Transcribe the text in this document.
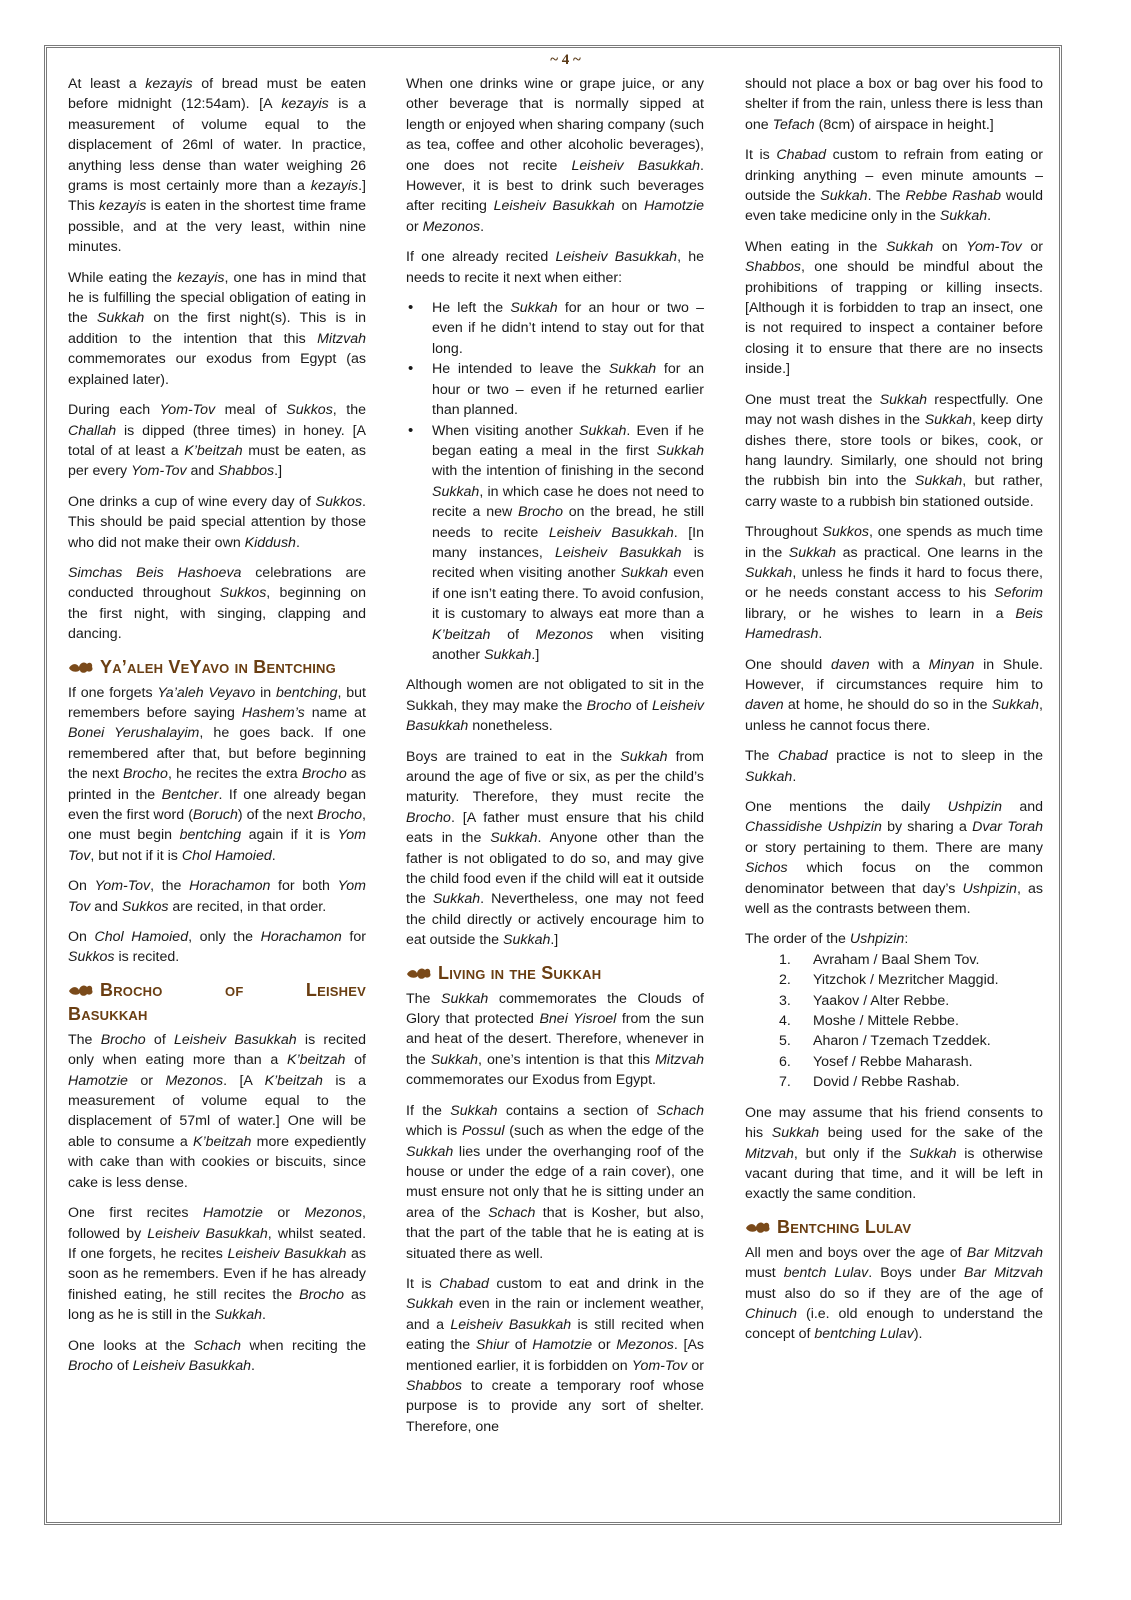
~ 4 ~

At least a kezayis of bread must be eaten before midnight (12:54am). [A kezayis is a measurement of volume equal to the displacement of 26ml of water. In practice, anything less dense than water weighing 26 grams is most certainly more than a kezayis.] This kezayis is eaten in the shortest time frame possible, and at the very least, within nine minutes.

While eating the kezayis, one has in mind that he is fulfilling the special obligation of eating in the Sukkah on the first night(s). This is in addition to the intention that this Mitzvah commemorates our exodus from Egypt (as explained later).

During each Yom-Tov meal of Sukkos, the Challah is dipped (three times) in honey. [A total of at least a K’beitzah must be eaten, as per every Yom-Tov and Shabbos.]

One drinks a cup of wine every day of Sukkos. This should be paid special attention by those who did not make their own Kiddush.

Simchas Beis Hashoeva celebrations are conducted throughout Sukkos, beginning on the first night, with singing, clapping and dancing.

Ya’aleh VeYavo in Bentching

If one forgets Ya’aleh Veyavo in bentching, but remembers before saying Hashem’s name at Bonei Yerushalayim, he goes back. If one remembered after that, but before beginning the next Brocho, he recites the extra Brocho as printed in the Bentcher. If one already began even the first word (Boruch) of the next Brocho, one must begin bentching again if it is Yom Tov, but not if it is Chol Hamoied.

On Yom-Tov, the Horachamon for both Yom Tov and Sukkos are recited, in that order.

On Chol Hamoied, only the Horachamon for Sukkos is recited.

Brocho of Leishev
Basukkah

The Brocho of Leisheiv Basukkah is recited only when eating more than a K’beitzah of Hamotzie or Mezonos. [A K’beitzah is a measurement of volume equal to the displacement of 57ml of water.] One will be able to consume a K’beitzah more expediently with cake than with cookies or biscuits, since cake is less dense.

One first recites Hamotzie or Mezonos, followed by Leisheiv Basukkah, whilst seated. If one forgets, he recites Leisheiv Basukkah as soon as he remembers. Even if he has already finished eating, he still recites the Brocho as long as he is still in the Sukkah.

One looks at the Schach when reciting the Brocho of Leisheiv Basukkah.

When one drinks wine or grape juice, or any other beverage that is normally sipped at length or enjoyed when sharing company (such as tea, coffee and other alcoholic beverages), one does not recite Leisheiv Basukkah. However, it is best to drink such beverages after reciting Leisheiv Basukkah on Hamotzie or Mezonos.

If one already recited Leisheiv Basukkah, he needs to recite it next when either:

• He left the Sukkah for an hour or two – even if he didn’t intend to stay out for that long.
• He intended to leave the Sukkah for an hour or two – even if he returned earlier than planned.
• When visiting another Sukkah. Even if he began eating a meal in the first Sukkah with the intention of finishing in the second Sukkah, in which case he does not need to recite a new Brocho on the bread, he still needs to recite Leisheiv Basukkah. [In many instances, Leisheiv Basukkah is recited when visiting another Sukkah even if one isn’t eating there. To avoid confusion, it is customary to always eat more than a K’beitzah of Mezonos when visiting another Sukkah.]

Although women are not obligated to sit in the Sukkah, they may make the Brocho of Leisheiv Basukkah nonetheless.

Boys are trained to eat in the Sukkah from around the age of five or six, as per the child’s maturity. Therefore, they must recite the Brocho. [A father must ensure that his child eats in the Sukkah. Anyone other than the father is not obligated to do so, and may give the child food even if the child will eat it outside the Sukkah. Nevertheless, one may not feed the child directly or actively encourage him to eat outside the Sukkah.]

Living in the Sukkah

The Sukkah commemorates the Clouds of Glory that protected Bnei Yisroel from the sun and heat of the desert. Therefore, whenever in the Sukkah, one’s intention is that this Mitzvah commemorates our Exodus from Egypt.

If the Sukkah contains a section of Schach which is Possul (such as when the edge of the Sukkah lies under the overhanging roof of the house or under the edge of a rain cover), one must ensure not only that he is sitting under an area of the Schach that is Kosher, but also, that the part of the table that he is eating at is situated there as well.

It is Chabad custom to eat and drink in the Sukkah even in the rain or inclement weather, and a Leisheiv Basukkah is still recited when eating the Shiur of Hamotzie or Mezonos. [As mentioned earlier, it is forbidden on Yom-Tov or Shabbos to create a temporary roof whose purpose is to provide any sort of shelter. Therefore, one

should not place a box or bag over his food to shelter if from the rain, unless there is less than one Tefach (8cm) of airspace in height.]

It is Chabad custom to refrain from eating or drinking anything – even minute amounts – outside the Sukkah. The Rebbe Rashab would even take medicine only in the Sukkah.

When eating in the Sukkah on Yom-Tov or Shabbos, one should be mindful about the prohibitions of trapping or killing insects. [Although it is forbidden to trap an insect, one is not required to inspect a container before closing it to ensure that there are no insects inside.]

One must treat the Sukkah respectfully. One may not wash dishes in the Sukkah, keep dirty dishes there, store tools or bikes, cook, or hang laundry. Similarly, one should not bring the rubbish bin into the Sukkah, but rather, carry waste to a rubbish bin stationed outside.

Throughout Sukkos, one spends as much time in the Sukkah as practical. One learns in the Sukkah, unless he finds it hard to focus there, or he needs constant access to his Seforim library, or he wishes to learn in a Beis Hamedrash.

One should daven with a Minyan in Shule. However, if circumstances require him to daven at home, he should do so in the Sukkah, unless he cannot focus there.

The Chabad practice is not to sleep in the Sukkah.

One mentions the daily Ushpizin and Chassidishe Ushpizin by sharing a Dvar Torah or story pertaining to them. There are many Sichos which focus on the common denominator between that day’s Ushpizin, as well as the contrasts between them.

The order of the Ushpizin:

1.	Avraham / Baal Shem Tov.
2.	Yitzchok / Mezritcher Maggid.
3.	Yaakov / Alter Rebbe.
4.	Moshe / Mittele Rebbe.
5.	Aharon / Tzemach Tzeddek.
6.	Yosef / Rebbe Maharash.
7.	Dovid / Rebbe Rashab.

One may assume that his friend consents to his Sukkah being used for the sake of the Mitzvah, but only if the Sukkah is otherwise vacant during that time, and it will be left in exactly the same condition.

Bentching Lulav

All men and boys over the age of Bar Mitzvah must bentch Lulav. Boys under Bar Mitzvah must also do so if they are of the age of Chinuch (i.e. old enough to understand the concept of bentching Lulav).
